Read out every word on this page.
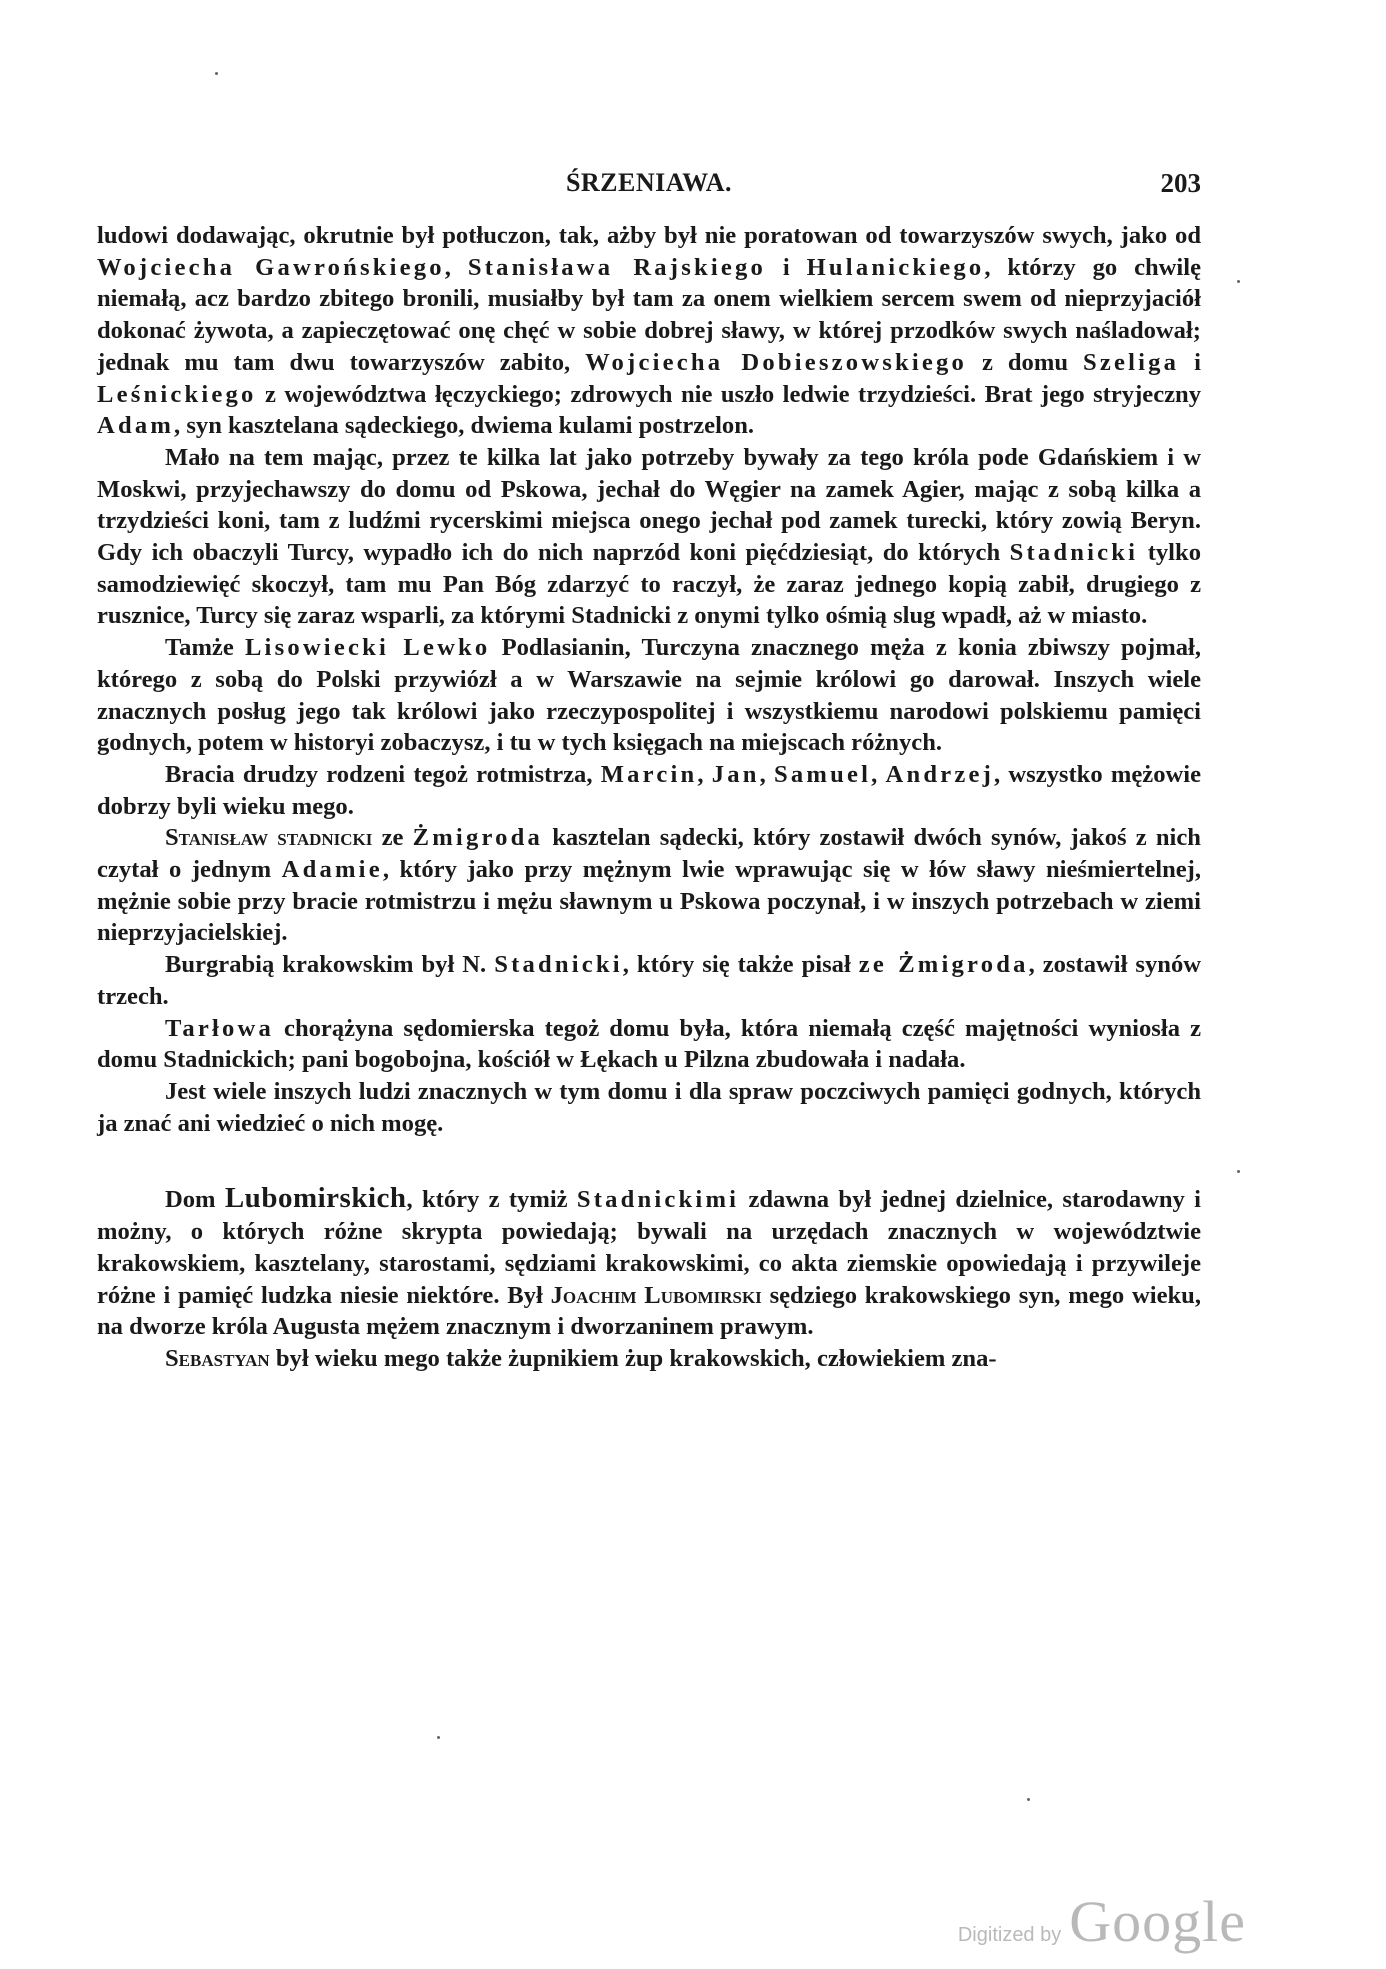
ŚRZENIAWA.	203

ludowi dodawając, okrutnie był potłuczon, tak, ażby był nie poratowan od towarzyszów swych, jako od Wojciecha Gawrońskiego, Stanisława Rajskiego i Hulanickiego, którzy go chwilę niemałą, acz bardzo zbitego bronili, musiałby był tam za onem wielkiem sercem swem od nieprzyjaciół dokonać żywota, a zapieczętować onę chęć w sobie dobrej sławy, w której przodków swych naśladował; jednak mu tam dwu towarzyszów zabito, Wojciecha Dobieszowskiego z domu Szeliga i Leśnickiego z województwa łęczyckiego; zdrowych nie uszło ledwie trzydzieści. Brat jego stryjeczny Adam, syn kasztelana sądeckiego, dwiema kulami postrzelon.

Mało na tem mając, przez te kilka lat jako potrzeby bywały za tego króla pode Gdańskiem i w Moskwi, przyjechawszy do domu od Pskowa, jechał do Węgier na zamek Agier, mając z sobą kilka a trzydzieści koni, tam z ludźmi rycerskimi miejsca onego jechał pod zamek turecki, który zowią Beryn. Gdy ich obaczyli Turcy, wypadło ich do nich naprzód koni pięćdziesiąt, do których Stadnicki tylko samodziewięć skoczył, tam mu Pan Bóg zdarzyć to raczył, że zaraz jednego kopią zabił, drugiego z rusznice, Turcy się zaraz wsparli, za którymi Stadnicki z onymi tylko ośmią slug wpadł, aż w miasto.

Tamże Lisowiecki Lewko Podlasianin, Turczyna znacznego męża z konia zbiwszy pojmał, którego z sobą do Polski przywiózł a w Warszawie na sejmie królowi go darował. Inszych wiele znacznych posług jego tak królowi jako rzeczypospolitej i wszystkiemu narodowi polskiemu pamięci godnych, potem w historyi zobaczysz, i tu w tych księgach na miejscach różnych.

Bracia drudzy rodzeni tegoż rotmistrza, Marcin, Jan, Samuel, Andrzej, wszystko mężowie dobrzy byli wieku mego.

Stanisław stadnicki ze Żmigroda kasztelan sądecki, który zostawił dwóch synów, jakoś z nich czytał o jednym Adamie, który jako przy mężnym lwie wprawując się w łów sławy nieśmiertelnej, mężnie sobie przy bracie rotmistrzu i mężu sławnym u Pskowa poczynał, i w inszych potrzebach w ziemi nieprzyjacielskiej.

Burgrabią krakowskim był N. Stadnicki, który się także pisał ze Żmigroda, zostawił synów trzech.

Tarłowa chorążyna sędomierska tegoż domu była, która niemałą część majętności wyniosła z domu Stadnickich; pani bogobojna, kościół w Łękach u Pilzna zbudowała i nadała.

Jest wiele inszych ludzi znacznych w tym domu i dla spraw poczciwych pamięci godnych, których ja znać ani wiedzieć o nich mogę.

Dom Lubomirskich, który z tymiż Stadnickimi zdawna był jednej dzielnice, starodawny i możny, o których różne skrypta powiedają; bywali na urzędach znacznych w województwie krakowskiem, kasztelany, starostami, sędziami krakowskimi, co akta ziemskie opowiedają i przywileje różne i pamięć ludzka niesie niektóre. Był Joachim Lubomirski sędziego krakowskiego syn, mego wieku, na dworze króla Augusta mężem znacznym i dworzaninem prawym.

Sebastyan był wieku mego także żupnikiem żup krakowskich, człowiekiem zna-

Digitized by Google
